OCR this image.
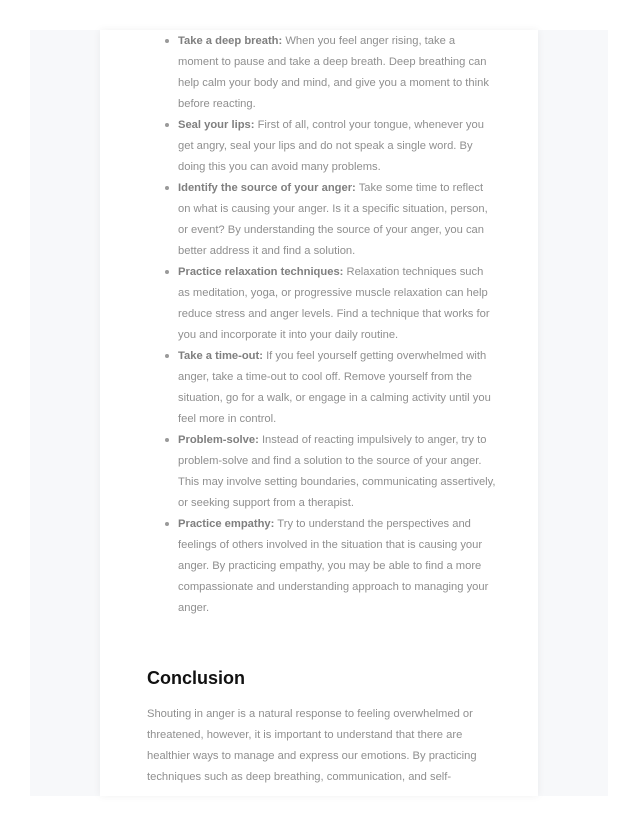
Take a deep breath: When you feel anger rising, take a moment to pause and take a deep breath. Deep breathing can help calm your body and mind, and give you a moment to think before reacting.
Seal your lips: First of all, control your tongue, whenever you get angry, seal your lips and do not speak a single word. By doing this you can avoid many problems.
Identify the source of your anger: Take some time to reflect on what is causing your anger. Is it a specific situation, person, or event? By understanding the source of your anger, you can better address it and find a solution.
Practice relaxation techniques: Relaxation techniques such as meditation, yoga, or progressive muscle relaxation can help reduce stress and anger levels. Find a technique that works for you and incorporate it into your daily routine.
Take a time-out: If you feel yourself getting overwhelmed with anger, take a time-out to cool off. Remove yourself from the situation, go for a walk, or engage in a calming activity until you feel more in control.
Problem-solve: Instead of reacting impulsively to anger, try to problem-solve and find a solution to the source of your anger. This may involve setting boundaries, communicating assertively, or seeking support from a therapist.
Practice empathy: Try to understand the perspectives and feelings of others involved in the situation that is causing your anger. By practicing empathy, you may be able to find a more compassionate and understanding approach to managing your anger.
Conclusion

Shouting in anger is a natural response to feeling overwhelmed or threatened, however, it is important to understand that there are healthier ways to manage and express our emotions. By practicing techniques such as deep breathing, communication, and self-
